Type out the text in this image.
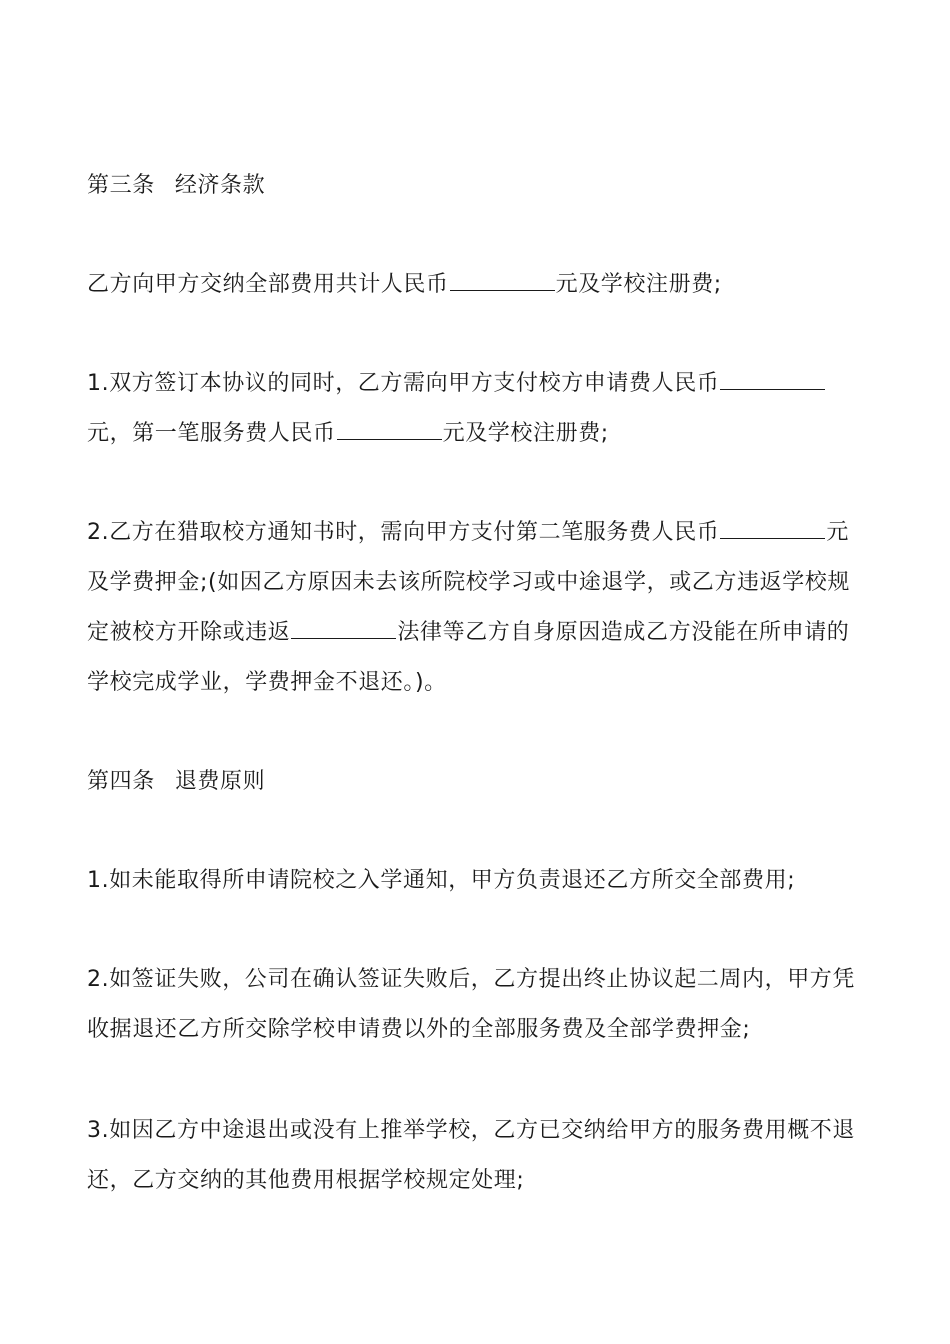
第三条 经济条款
乙方向甲方交纳全部费用共计人民币	元及学校注册费;
1.双方签订本协议的同时，乙方需向甲方支付校方申请费人民币元，第一笔服务费人民币	元及学校注册费;
2.乙方在猎取校方通知书时，需向甲方支付第二笔服务费人民币	元及学费押金;(如因乙方原因未去该所院校学习或中途退学，或乙方违返学校规定被校方开除或违返	法律等乙方自身原因造成乙方没能在所申请的学校完成学业，学费押金不退还。)。
第四条 退费原则
1.如未能取得所申请院校之入学通知，甲方负责退还乙方所交全部费用;
2.如签证失败，公司在确认签证失败后，乙方提出终止协议起二周内，甲方凭收据退还乙方所交除学校申请费以外的全部服务费及全部学费押金;
3.如因乙方中途退出或没有上推举学校，乙方已交纳给甲方的服务费用概不退还，乙方交纳的其他费用根据学校规定处理;
